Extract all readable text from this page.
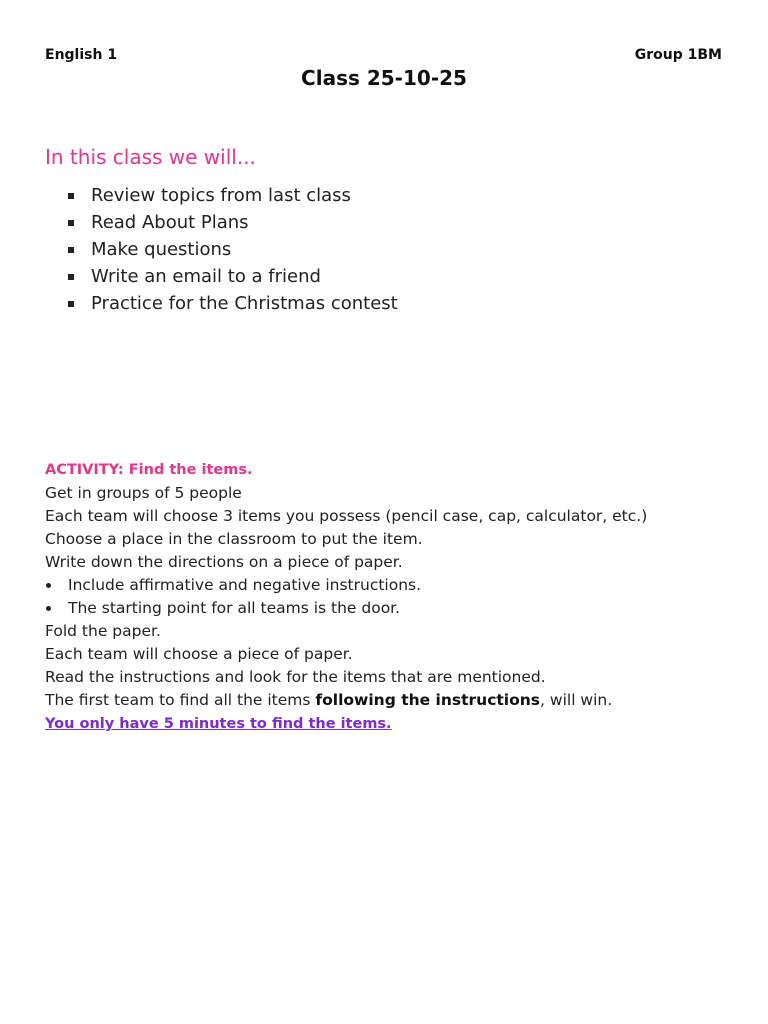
English 1	Group 1BM
Class 25-10-25
In this class we will...
Review topics from last class
Read About Plans
Make questions
Write an email to a friend
Practice for the Christmas contest
ACTIVITY: Find the items.
Get in groups of 5 people
Each team will choose 3 items you possess (pencil case, cap, calculator, etc.)
Choose a place in the classroom to put the item.
Write down the directions on a piece of paper.
Include affirmative and negative instructions.
The starting point for all teams is the door.
Fold the paper.
Each team will choose a piece of paper.
Read the instructions and look for the items that are mentioned.
The first team to find all the items following the instructions, will win.
You only have 5 minutes to find the items.
